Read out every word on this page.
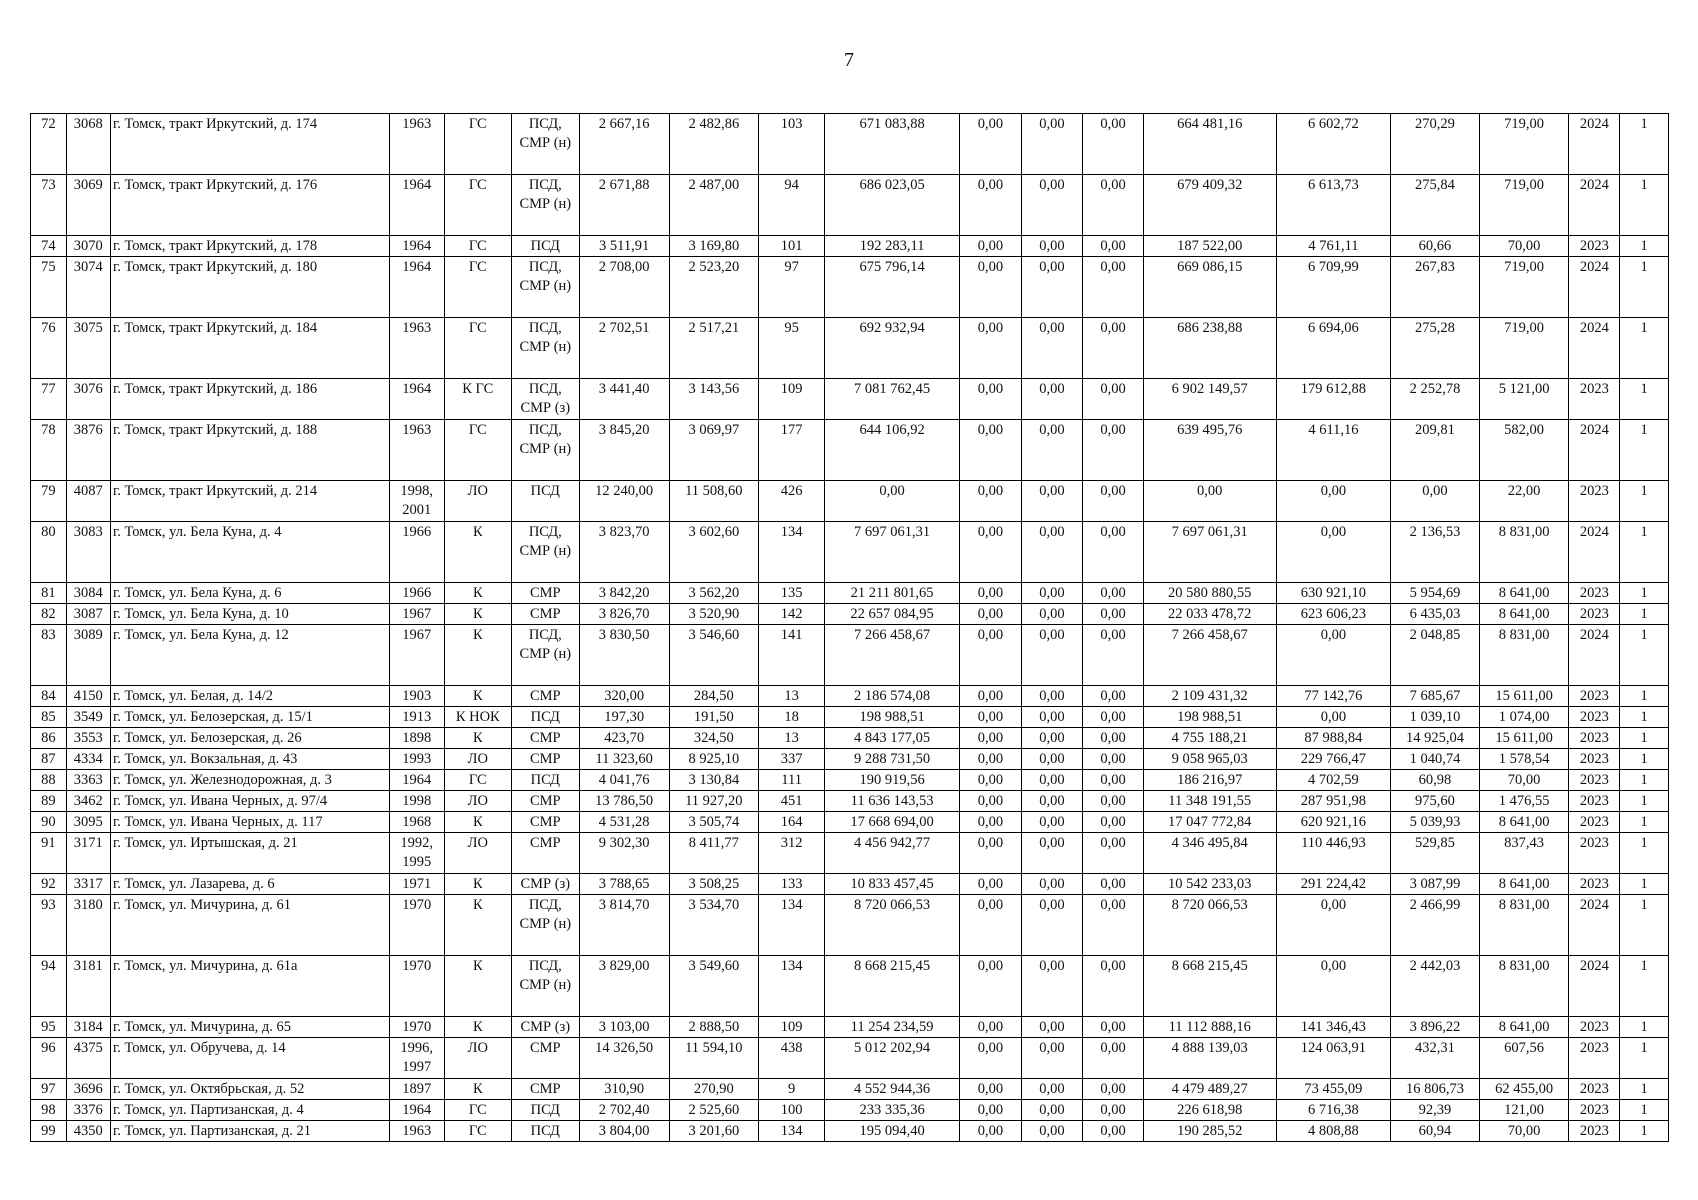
7
72	3068	г. Томск, тракт Иркутский, д. 174	1963	ГС	ПСД, СМР (н)	2 667,16	2 482,86	103	671 083,88	0,00	0,00	0,00	664 481,16	6 602,72	270,29	719,00	2024	1
73	3069	г. Томск, тракт Иркутский, д. 176	1964	ГС	ПСД, СМР (н)	2 671,88	2 487,00	94	686 023,05	0,00	0,00	0,00	679 409,32	6 613,73	275,84	719,00	2024	1
74	3070	г. Томск, тракт Иркутский, д. 178	1964	ГС	ПСД	3 511,91	3 169,80	101	192 283,11	0,00	0,00	0,00	187 522,00	4 761,11	60,66	70,00	2023	1
75	3074	г. Томск, тракт Иркутский, д. 180	1964	ГС	ПСД, СМР (н)	2 708,00	2 523,20	97	675 796,14	0,00	0,00	0,00	669 086,15	6 709,99	267,83	719,00	2024	1
76	3075	г. Томск, тракт Иркутский, д. 184	1963	ГС	ПСД, СМР (н)	2 702,51	2 517,21	95	692 932,94	0,00	0,00	0,00	686 238,88	6 694,06	275,28	719,00	2024	1
77	3076	г. Томск, тракт Иркутский, д. 186	1964	К ГС	ПСД, СМР (з)	3 441,40	3 143,56	109	7 081 762,45	0,00	0,00	0,00	6 902 149,57	179 612,88	2 252,78	5 121,00	2023	1
78	3876	г. Томск, тракт Иркутский, д. 188	1963	ГС	ПСД, СМР (н)	3 845,20	3 069,97	177	644 106,92	0,00	0,00	0,00	639 495,76	4 611,16	209,81	582,00	2024	1
79	4087	г. Томск, тракт Иркутский, д. 214	1998, 2001	ЛО	ПСД	12 240,00	11 508,60	426	0,00	0,00	0,00	0,00	0,00	0,00	0,00	22,00	2023	1
80	3083	г. Томск, ул. Бела Куна, д. 4	1966	К	ПСД, СМР (н)	3 823,70	3 602,60	134	7 697 061,31	0,00	0,00	0,00	7 697 061,31	0,00	2 136,53	8 831,00	2024	1
81	3084	г. Томск, ул. Бела Куна, д. 6	1966	К	СМР	3 842,20	3 562,20	135	21 211 801,65	0,00	0,00	0,00	20 580 880,55	630 921,10	5 954,69	8 641,00	2023	1
82	3087	г. Томск, ул. Бела Куна, д. 10	1967	К	СМР	3 826,70	3 520,90	142	22 657 084,95	0,00	0,00	0,00	22 033 478,72	623 606,23	6 435,03	8 641,00	2023	1
83	3089	г. Томск, ул. Бела Куна, д. 12	1967	К	ПСД, СМР (н)	3 830,50	3 546,60	141	7 266 458,67	0,00	0,00	0,00	7 266 458,67	0,00	2 048,85	8 831,00	2024	1
84	4150	г. Томск, ул. Белая, д. 14/2	1903	К	СМР	320,00	284,50	13	2 186 574,08	0,00	0,00	0,00	2 109 431,32	77 142,76	7 685,67	15 611,00	2023	1
85	3549	г. Томск, ул. Белозерская, д. 15/1	1913	К НОК	ПСД	197,30	191,50	18	198 988,51	0,00	0,00	0,00	198 988,51	0,00	1 039,10	1 074,00	2023	1
86	3553	г. Томск, ул. Белозерская, д. 26	1898	К	СМР	423,70	324,50	13	4 843 177,05	0,00	0,00	0,00	4 755 188,21	87 988,84	14 925,04	15 611,00	2023	1
87	4334	г. Томск, ул. Вокзальная, д. 43	1993	ЛО	СМР	11 323,60	8 925,10	337	9 288 731,50	0,00	0,00	0,00	9 058 965,03	229 766,47	1 040,74	1 578,54	2023	1
88	3363	г. Томск, ул. Железнодорожная, д. 3	1964	ГС	ПСД	4 041,76	3 130,84	111	190 919,56	0,00	0,00	0,00	186 216,97	4 702,59	60,98	70,00	2023	1
89	3462	г. Томск, ул. Ивана Черных, д. 97/4	1998	ЛО	СМР	13 786,50	11 927,20	451	11 636 143,53	0,00	0,00	0,00	11 348 191,55	287 951,98	975,60	1 476,55	2023	1
90	3095	г. Томск, ул. Ивана Черных, д. 117	1968	К	СМР	4 531,28	3 505,74	164	17 668 694,00	0,00	0,00	0,00	17 047 772,84	620 921,16	5 039,93	8 641,00	2023	1
91	3171	г. Томск, ул. Иртышская, д. 21	1992, 1995	ЛО	СМР	9 302,30	8 411,77	312	4 456 942,77	0,00	0,00	0,00	4 346 495,84	110 446,93	529,85	837,43	2023	1
92	3317	г. Томск, ул. Лазарева, д. 6	1971	К	СМР (з)	3 788,65	3 508,25	133	10 833 457,45	0,00	0,00	0,00	10 542 233,03	291 224,42	3 087,99	8 641,00	2023	1
93	3180	г. Томск, ул. Мичурина, д. 61	1970	К	ПСД, СМР (н)	3 814,70	3 534,70	134	8 720 066,53	0,00	0,00	0,00	8 720 066,53	0,00	2 466,99	8 831,00	2024	1
94	3181	г. Томск, ул. Мичурина, д. 61а	1970	К	ПСД, СМР (н)	3 829,00	3 549,60	134	8 668 215,45	0,00	0,00	0,00	8 668 215,45	0,00	2 442,03	8 831,00	2024	1
95	3184	г. Томск, ул. Мичурина, д. 65	1970	К	СМР (з)	3 103,00	2 888,50	109	11 254 234,59	0,00	0,00	0,00	11 112 888,16	141 346,43	3 896,22	8 641,00	2023	1
96	4375	г. Томск, ул. Обручева, д. 14	1996, 1997	ЛО	СМР	14 326,50	11 594,10	438	5 012 202,94	0,00	0,00	0,00	4 888 139,03	124 063,91	432,31	607,56	2023	1
97	3696	г. Томск, ул. Октябрьская, д. 52	1897	К	СМР	310,90	270,90	9	4 552 944,36	0,00	0,00	0,00	4 479 489,27	73 455,09	16 806,73	62 455,00	2023	1
98	3376	г. Томск, ул. Партизанская, д. 4	1964	ГС	ПСД	2 702,40	2 525,60	100	233 335,36	0,00	0,00	0,00	226 618,98	6 716,38	92,39	121,00	2023	1
99	4350	г. Томск, ул. Партизанская, д. 21	1963	ГС	ПСД	3 804,00	3 201,60	134	195 094,40	0,00	0,00	0,00	190 285,52	4 808,88	60,94	70,00	2023	1
